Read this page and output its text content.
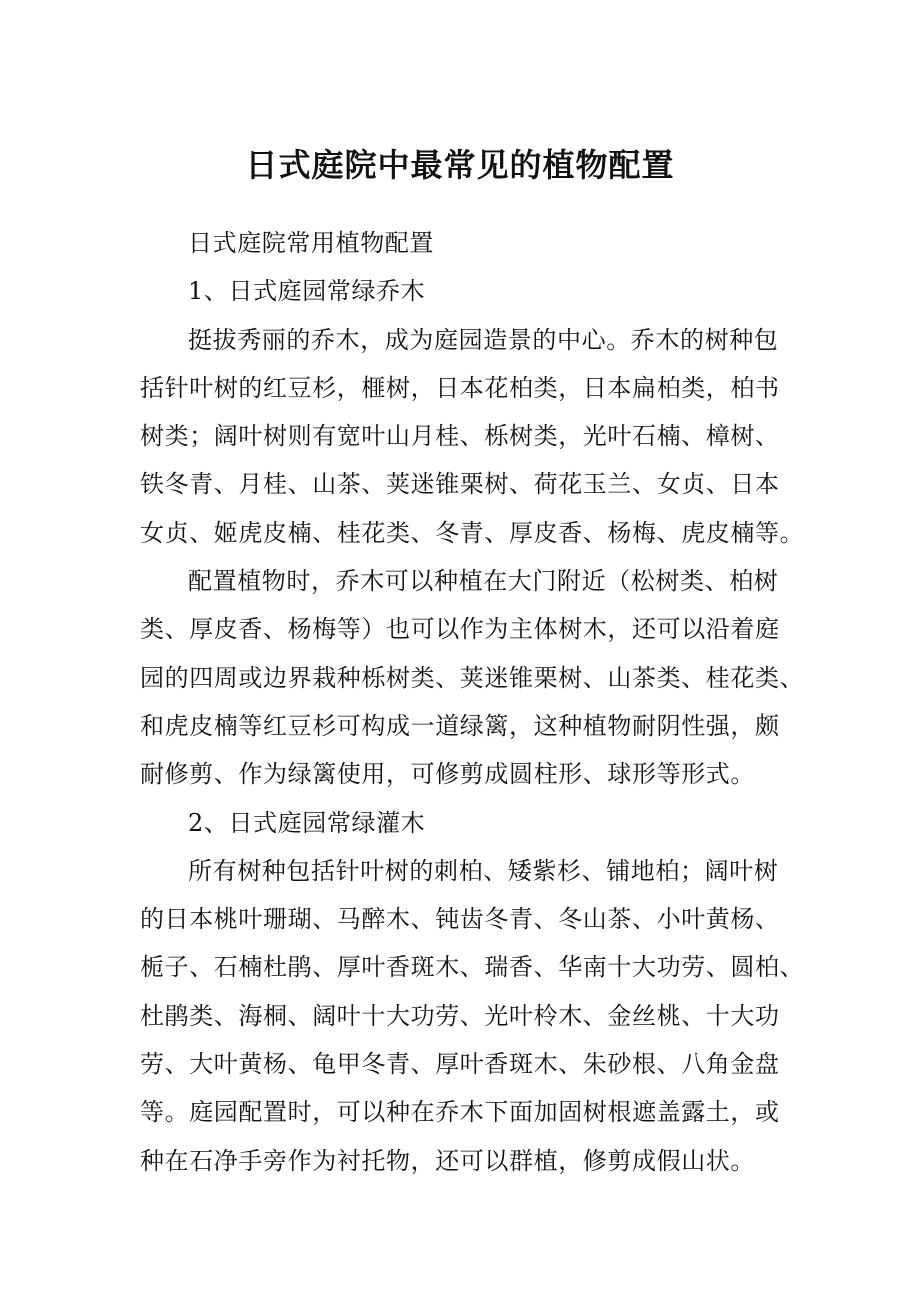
日式庭院中最常见的植物配置
日式庭院常用植物配置
1、日式庭园常绿乔木
挺拔秀丽的乔木，成为庭园造景的中心。乔木的树种包
括针叶树的红豆杉，榧树，日本花柏类，日本扁柏类，柏书
树类；阔叶树则有宽叶山月桂、栎树类，光叶石楠、樟树、
铁冬青、月桂、山茶、荚迷锥栗树、荷花玉兰、女贞、日本
女贞、姬虎皮楠、桂花类、冬青、厚皮香、杨梅、虎皮楠等。
配置植物时，乔木可以种植在大门附近（松树类、柏树
类、厚皮香、杨梅等）也可以作为主体树木，还可以沿着庭
园的四周或边界栽种栎树类、荚迷锥栗树、山茶类、桂花类、
和虎皮楠等红豆杉可构成一道绿篱，这种植物耐阴性强，颇
耐修剪、作为绿篱使用，可修剪成圆柱形、球形等形式。
2、日式庭园常绿灌木
所有树种包括针叶树的刺柏、矮紫杉、铺地柏；阔叶树
的日本桃叶珊瑚、马醉木、钝齿冬青、冬山茶、小叶黄杨、
栀子、石楠杜鹃、厚叶香斑木、瑞香、华南十大功劳、圆柏、
杜鹃类、海桐、阔叶十大功劳、光叶柃木、金丝桃、十大功
劳、大叶黄杨、龟甲冬青、厚叶香斑木、朱砂根、八角金盘
等。庭园配置时，可以种在乔木下面加固树根遮盖露土，或
种在石净手旁作为衬托物，还可以群植，修剪成假山状。
